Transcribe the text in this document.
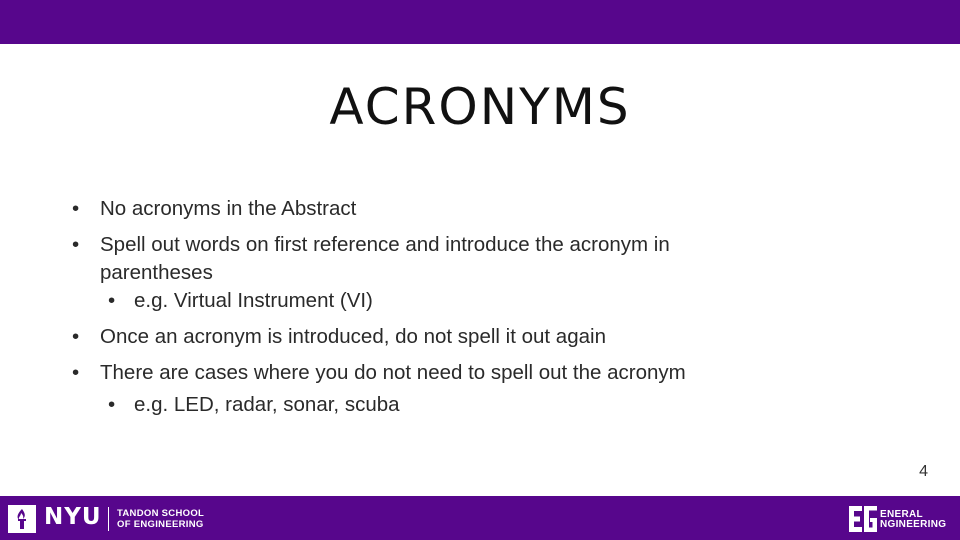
ACRONYMS
•	No acronyms in the Abstract
•	Spell out words on first reference and introduce the acronym in parentheses
• e.g. Virtual Instrument (VI)
•	Once an acronym is introduced, do not spell it out again
•	There are cases where you do not need to spell out the acronym
• e.g. LED, radar, sonar, scuba
4
NYU TANDON SCHOOL
OF ENGINEERING
ENERAL
NGINEERING
